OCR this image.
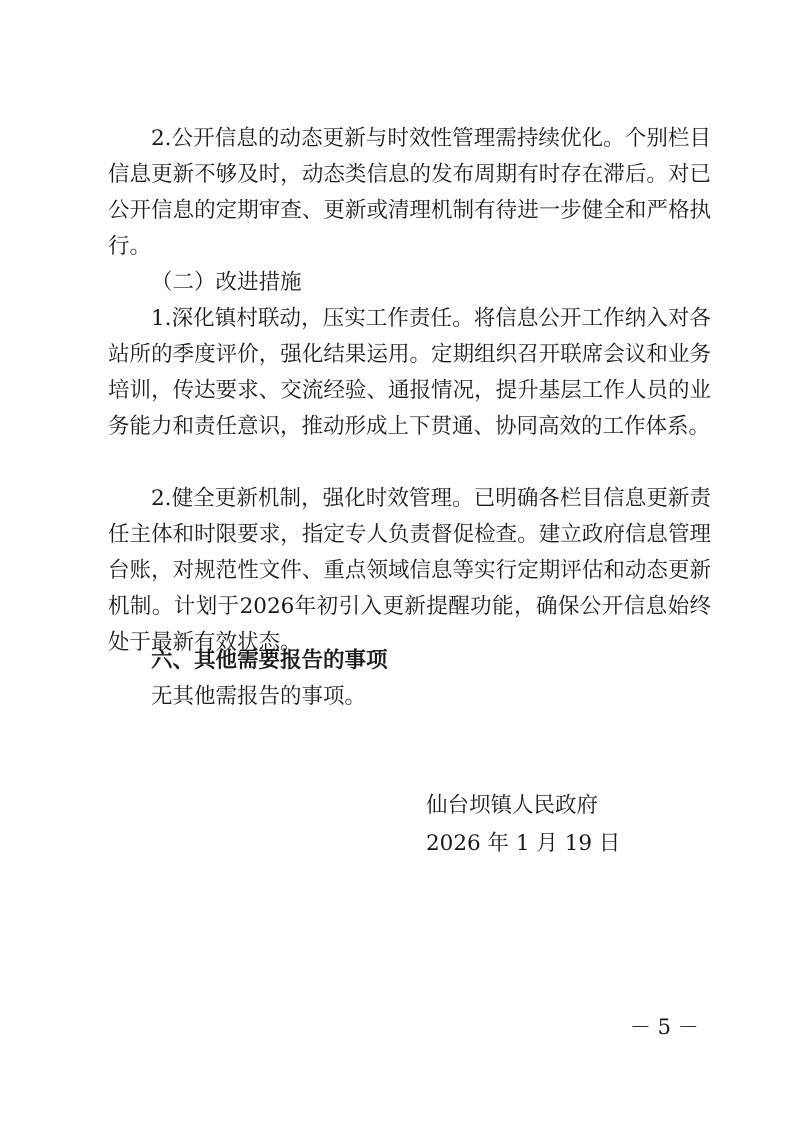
2.公开信息的动态更新与时效性管理需持续优化。个别栏目信息更新不够及时，动态类信息的发布周期有时存在滞后。对已公开信息的定期审查、更新或清理机制有待进一步健全和严格执行。

（二）改进措施

1.深化镇村联动，压实工作责任。将信息公开工作纳入对各站所的季度评价，强化结果运用。定期组织召开联席会议和业务培训，传达要求、交流经验、通报情况，提升基层工作人员的业务能力和责任意识，推动形成上下贯通、协同高效的工作体系。

2.健全更新机制，强化时效管理。已明确各栏目信息更新责任主体和时限要求，指定专人负责督促检查。建立政府信息管理台账，对规范性文件、重点领域信息等实行定期评估和动态更新机制。计划于2026年初引入更新提醒功能，确保公开信息始终处于最新有效状态。

六、其他需要报告的事项

无其他需报告的事项。

仙台坝镇人民政府

2026 年 1 月 19 日

－ 5 －
